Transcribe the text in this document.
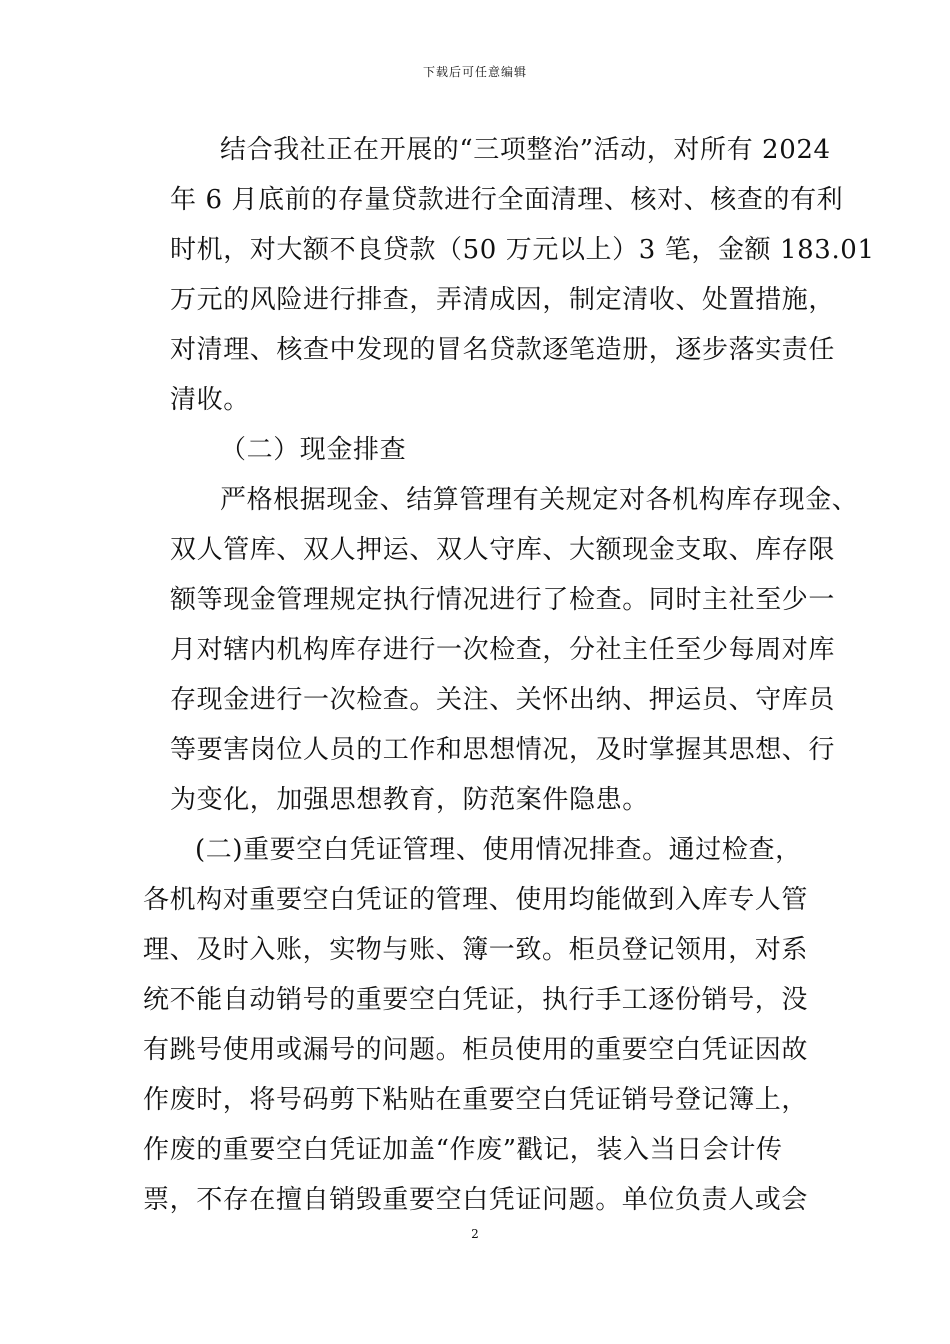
下载后可任意编辑
结合我社正在开展的“三项整治”活动，对所有 2024
年 6 月底前的存量贷款进行全面清理、核对、核查的有利
时机，对大额不良贷款（50 万元以上）3 笔，金额 183.01
万元的风险进行排查，弄清成因，制定清收、处置措施，
对清理、核查中发现的冒名贷款逐笔造册，逐步落实责任
清收。
（二）现金排查
严格根据现金、结算管理有关规定对各机构库存现金、
双人管库、双人押运、双人守库、大额现金支取、库存限
额等现金管理规定执行情况进行了检查。同时主社至少一
月对辖内机构库存进行一次检查，分社主任至少每周对库
存现金进行一次检查。关注、关怀出纳、押运员、守库员
等要害岗位人员的工作和思想情况，及时掌握其思想、行
为变化，加强思想教育，防范案件隐患。
(二)重要空白凭证管理、使用情况排查。通过检查，
各机构对重要空白凭证的管理、使用均能做到入库专人管
理、及时入账，实物与账、簿一致。柜员登记领用，对系
统不能自动销号的重要空白凭证，执行手工逐份销号，没
有跳号使用或漏号的问题。柜员使用的重要空白凭证因故
作废时，将号码剪下粘贴在重要空白凭证销号登记簿上，
作废的重要空白凭证加盖“作废”戳记，装入当日会计传
票，不存在擅自销毁重要空白凭证问题。单位负责人或会
2
